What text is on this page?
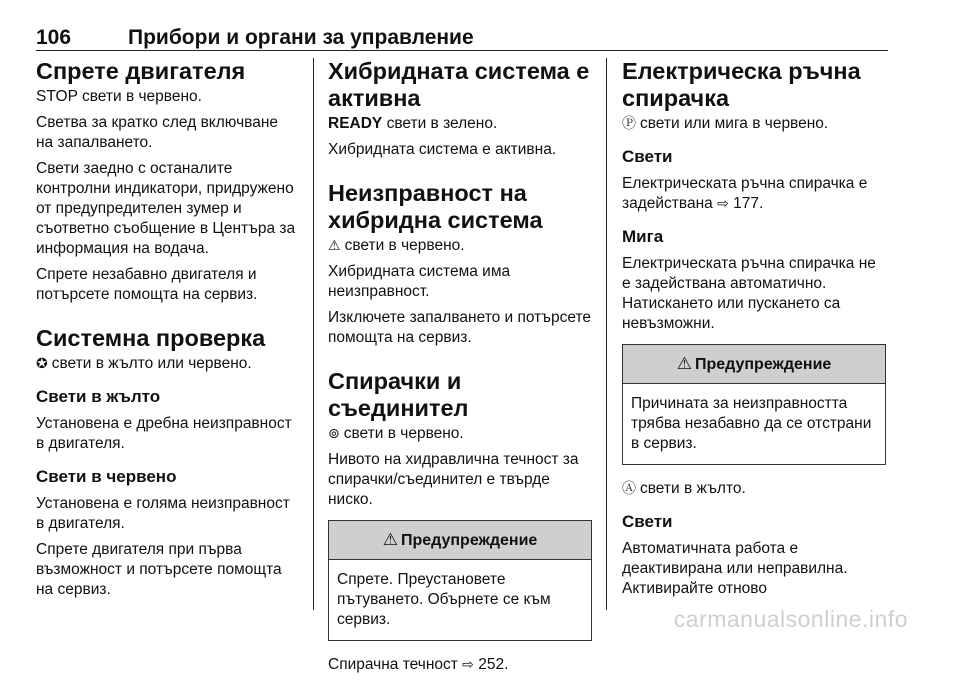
106	Прибори и органи за управление
Спрете двигателя
STOP свети в червено.
Светва за кратко след включване на запалването.
Свети заедно с останалите контролни индикатори, придружено от предупредителен зумер и съответно съобщение в Центъра за информация на водача.
Спрете незабавно двигателя и потърсете помощта на сервиз.
Системна проверка
✪ свети в жълто или червено.
Свети в жълто
Установена е дребна неизправност в двигателя.
Свети в червено
Установена е голяма неизправност в двигателя.
Спрете двигателя при първа възможност и потърсете помощта на сервиз.
Хибридната система е активна
READY свети в зелено.
Хибридната система е активна.
Неизправност на хибридна система
⚠ свети в червено.
Хибридната система има неизправност.
Изключете запалването и потърсете помощта на сервиз.
Спирачки и съединител
⊚ свети в червено.
Нивото на хидравлична течност за спирачки/съединител е твърде ниско.
⚠ Предупреждение
Спрете. Преустановете пътуването. Обърнете се към сервиз.
Спирачна течност ⇨ 252.
Електрическа ръчна спирачка
Ⓟ свети или мига в червено.
Свети
Електрическата ръчна спирачка е задействана ⇨ 177.
Мига
Електрическата ръчна спирачка не е задействана автоматично. Натискането или пускането са невъзможни.
⚠ Предупреждение
Причината за неизправността трябва незабавно да се отстрани в сервиз.
Ⓐ свети в жълто.
Свети
Автоматичната работа е деактивирана или неправилна. Активирайте отново
carmanualsonline.info
